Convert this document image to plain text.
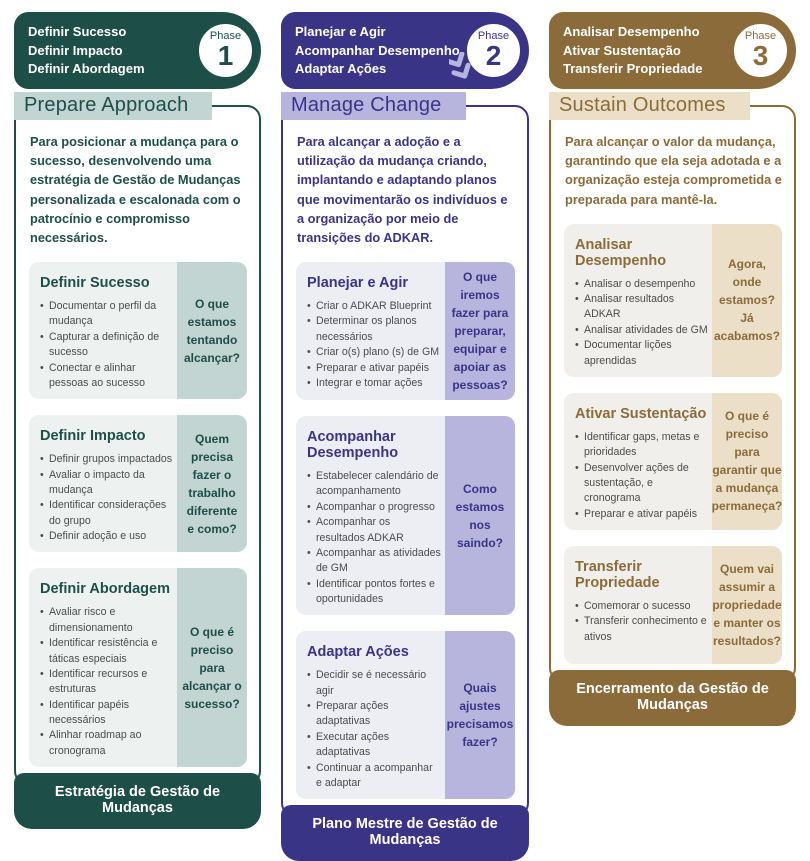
Definir Sucesso
Definir Impacto
Definir Abordagem
Phase
1
Prepare Approach

Para posicionar a mudança para o sucesso, desenvolvendo uma estratégia de Gestão de Mudanças personalizada e escalonada com o patrocínio e compromisso necessários.

Definir Sucesso
• Documentar o perfil da mudança
• Capturar a definição de sucesso
• Conectar e alinhar pessoas ao sucesso
O que estamos tentando alcançar?
Definir Impacto
• Definir grupos impactados
• Avaliar o impacto da mudança
• Identificar considerações do grupo
• Definir adoção e uso
Quem precisa fazer o trabalho diferente e como?
Definir Abordagem
• Avaliar risco e dimensionamento
• Identificar resistência e táticas especiais
• Identificar recursos e estruturas
• Identificar papéis necessários
• Alinhar roadmap ao cronograma
O que é preciso para alcançar o sucesso?
Estratégia de Gestão de Mudanças
Planejar e Agir
Acompanhar Desempenho
Adaptar Ações
Phase
2
Manage Change

Para alcançar a adoção e a utilização da mudança criando, implantando e adaptando planos que movimentarão os indivíduos e a organização por meio de transições do ADKAR.

Planejar e Agir
• Criar o ADKAR Blueprint
• Determinar os planos necessários
• Criar o(s) plano (s) de GM
• Preparar e ativar papéis
• Integrar e tomar ações
O que iremos fazer para preparar, equipar e apoiar as pessoas?
Acompanhar Desempenho
• Estabelecer calendário de acompanhamento
• Acompanhar o progresso
• Acompanhar os resultados ADKAR
• Acompanhar as atividades de GM
• Identificar pontos fortes e oportunidades
Como estamos nos saindo?
Adaptar Ações
• Decidir se é necessário agir
• Preparar ações adaptativas
• Executar ações adaptativas
• Continuar a acompanhar e adaptar
Quais ajustes precisamos fazer?
Plano Mestre de Gestão de Mudanças
Analisar Desempenho
Ativar Sustentação
Transferir Propriedade
Phase
3
Sustain Outcomes

Para alcançar o valor da mudança, garantindo que ela seja adotada e a organização esteja comprometida e preparada para mantê-la.

Analisar Desempenho
• Analisar o desempenho
• Analisar resultados ADKAR
• Analisar atividades de GM
• Documentar lições aprendidas
Agora, onde estamos? Já acabamos?
Ativar Sustentação
• Identificar gaps, metas e prioridades
• Desenvolver ações de sustentação, e cronograma
• Preparar e ativar papéis
O que é preciso para garantir que a mudança permaneça?
Transferir Propriedade
• Comemorar o sucesso
• Transferir conhecimento e ativos
Quem vai assumir a propriedade e manter os resultados?
Encerramento da Gestão de Mudanças
